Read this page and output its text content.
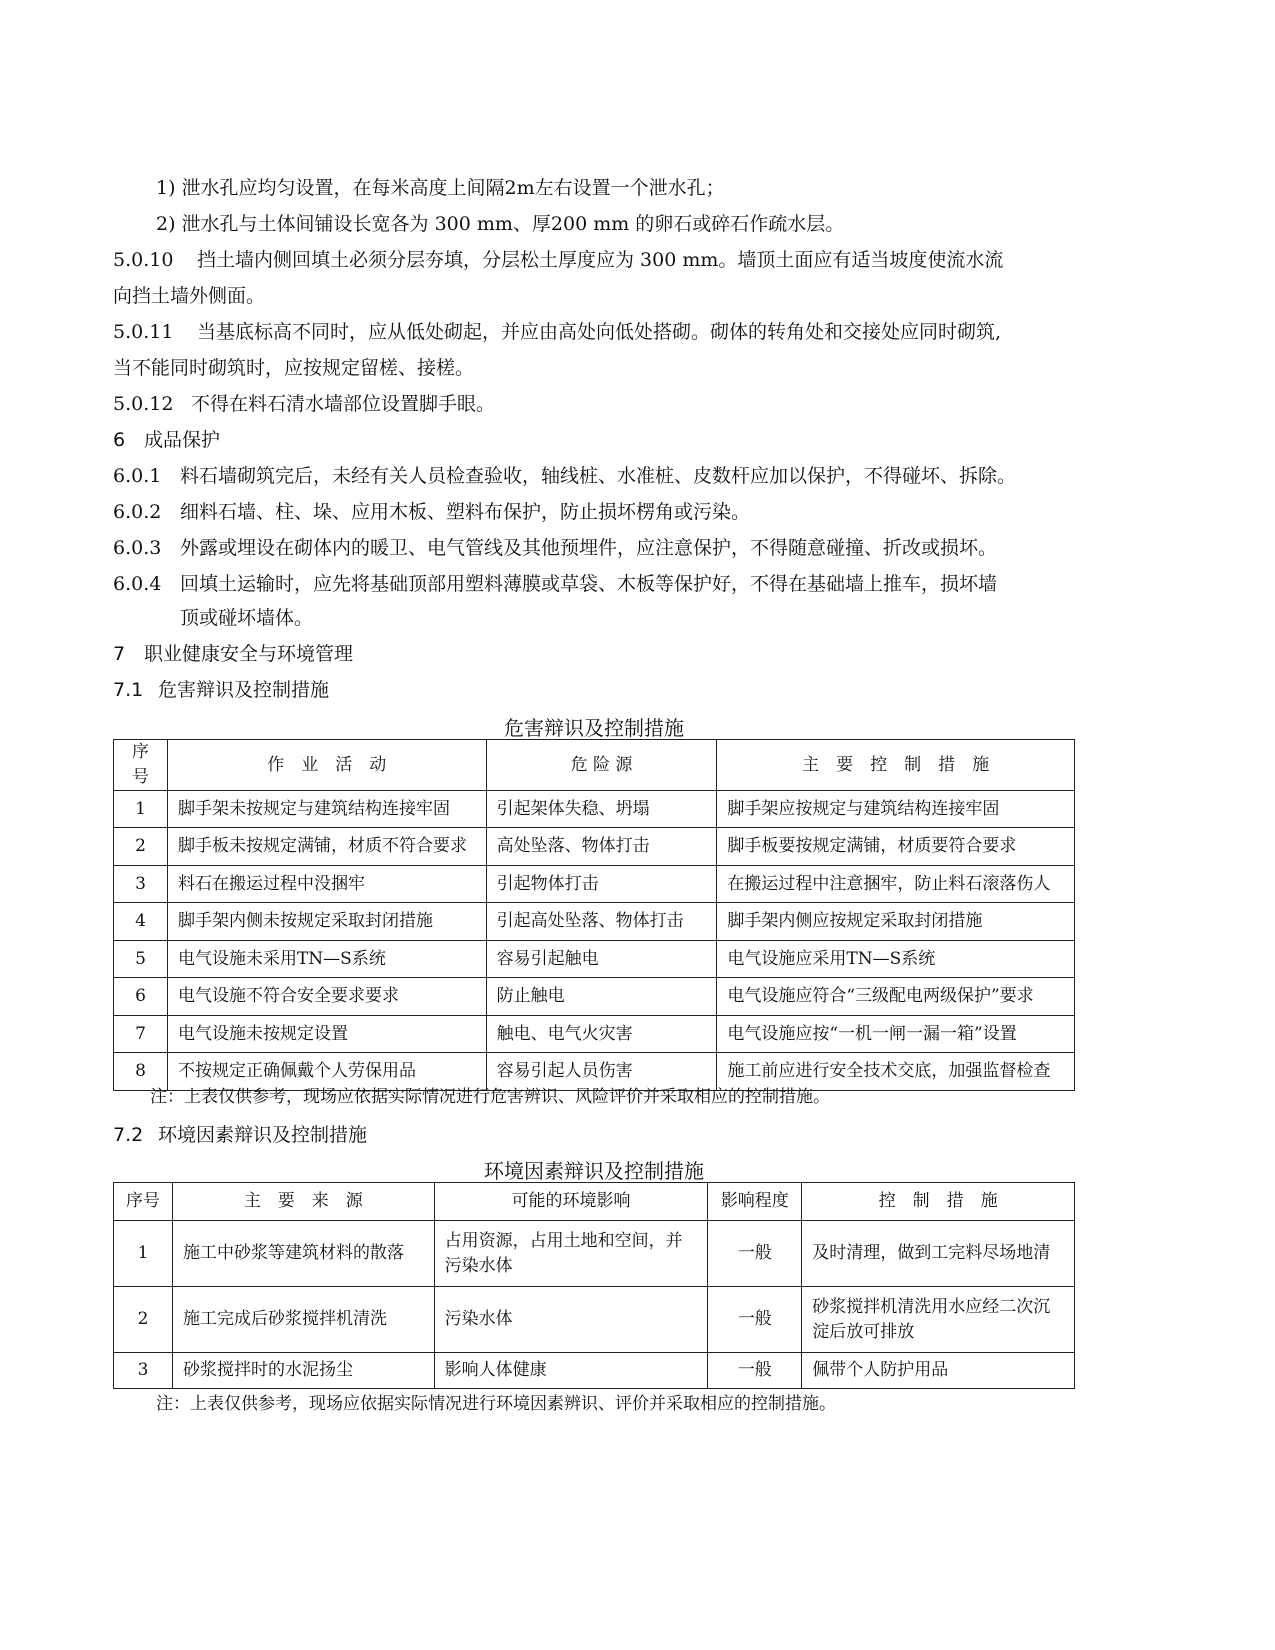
1) 泄水孔应均匀设置，在每米高度上间隔2m左右设置一个泄水孔；
2) 泄水孔与土体间铺设长宽各为 300 mm、厚200 mm 的卵石或碎石作疏水层。
5.0.10 挡土墙内侧回填土必须分层夯填，分层松土厚度应为 300 mm。墙顶土面应有适当坡度使流水流
向挡土墙外侧面。
5.0.11 当基底标高不同时，应从低处砌起，并应由高处向低处搭砌。砌体的转角处和交接处应同时砌筑,
当不能同时砌筑时，应按规定留槎、接槎。
5.0.12 不得在料石清水墙部位设置脚手眼。
6 成品保护
6.0.1 料石墙砌筑完后，未经有关人员检查验收，轴线桩、水准桩、皮数杆应加以保护，不得碰坏、拆除。
6.0.2 细料石墙、柱、垛、应用木板、塑料布保护，防止损坏楞角或污染。
6.0.3 外露或埋设在砌体内的暖卫、电气管线及其他预埋件，应注意保护，不得随意碰撞、折改或损坏。
6.0.4 回填土运输时，应先将基础顶部用塑料薄膜或草袋、木板等保护好，不得在基础墙上推车，损坏墙
顶或碰坏墙体。
7 职业健康安全与环境管理
7.1 危害辩识及控制措施
危害辩识及控制措施
序号	作　业　活　动	危 险 源	主　要　控　制　措　施
1	脚手架未按规定与建筑结构连接牢固	引起架体失稳、坍塌	脚手架应按规定与建筑结构连接牢固
2	脚手板未按规定满铺，材质不符合要求	高处坠落、物体打击	脚手板要按规定满铺，材质要符合要求
3	料石在搬运过程中没捆牢	引起物体打击	在搬运过程中注意捆牢，防止料石滚落伤人
4	脚手架内侧未按规定采取封闭措施	引起高处坠落、物体打击	脚手架内侧应按规定采取封闭措施
5	电气设施未采用TN—S系统	容易引起触电	电气设施应采用TN—S系统
6	电气设施不符合安全要求要求	防止触电	电气设施应符合“三级配电两级保护”要求
7	电气设施未按规定设置	触电、电气火灾害	电气设施应按“一机一闸一漏一箱”设置
8	不按规定正确佩戴个人劳保用品	容易引起人员伤害	施工前应进行安全技术交底，加强监督检查
注：上表仅供参考，现场应依据实际情况进行危害辨识、风险评价并采取相应的控制措施。
7.2 环境因素辩识及控制措施
环境因素辩识及控制措施
序号	主　要　来　源	可能的环境影响	影响程度	控　制　措　施
1	施工中砂浆等建筑材料的散落	占用资源，占用土地和空间，并污染水体	一般	及时清理，做到工完料尽场地清
2	施工完成后砂浆搅拌机清洗	污染水体	一般	砂浆搅拌机清洗用水应经二次沉淀后放可排放
3	砂浆搅拌时的水泥扬尘	影响人体健康	一般	佩带个人防护用品
注：上表仅供参考，现场应依据实际情况进行环境因素辨识、评价并采取相应的控制措施。
